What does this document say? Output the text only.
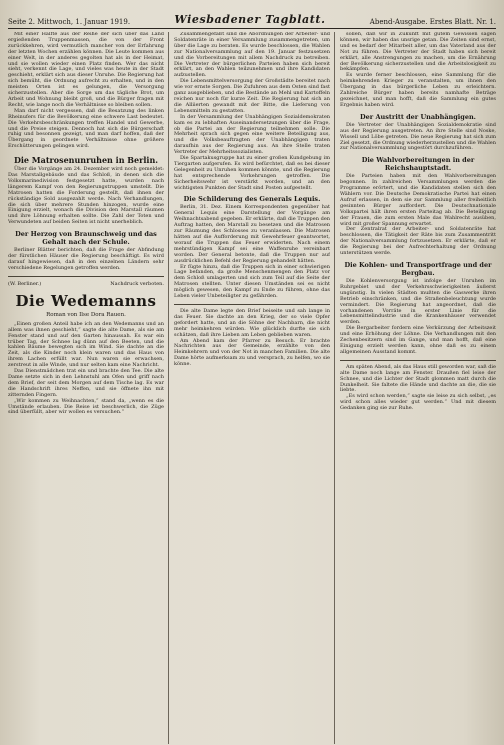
Seite 2. Mittwoch, 1. Januar 1919.	Wiesbadener Tagblatt.	Abend-Ausgabe. Erstes Blatt. Nr. 1.

Mit einer Hälfte aus der Reihe der sich über das Land ergießenden Truppenmassen, die von der Front zurückkehren, wird vermutlich mancher von der Erfahrung der letzten Wochen erzählen können. Die Leute kommen aus einer Welt, in der anderes gegolten hat als in der Heimat, und sie wollen wieder einen Platz finden. Wer das nicht sieht, verkennt die Lage, und vieles was heute in der Stadt geschieht, erklärt sich aus dieser Unruhe. Die Regierung hat sich bemüht, die Ordnung aufrecht zu erhalten, und in den meisten Orten ist es gelungen, die Versorgung sicherzustellen. Aber die Sorge um das tägliche Brot, um Arbeit und Wohnung bleibt groß, und die Bürger fragen mit Recht, wie lange noch die Verhältnisse so bleiben sollen.

Man darf nicht vergessen, daß die Besatzung des linken Rheinufers für die Bevölkerung eine schwere Last bedeutet. Die Verkehrsbeschränkungen treffen Handel und Gewerbe, und die Preise steigen. Dennoch hat sich die Bürgerschaft ruhig und besonnen gezeigt, und man darf hoffen, daß der Übergang in geordnete Verhältnisse ohne größere Erschütterungen gelingen wird.

Die Matrosenunruhen in Berlin.

Über die Vorgänge am 24. Dezember wird noch gemeldet: Das Marstallgebäude und das Schloß, in denen sich die Volksmarinedivision festgesetzt hatte, wurden nach längerem Kampf von den Regierungstruppen umstellt. Die Matrosen hatten die Forderung gestellt, daß ihnen der rückständige Sold ausgezahlt werde. Nach Verhandlungen, die sich über mehrere Stunden hinzogen, wurde eine Einigung erzielt, wonach die Division den Marstall räumen und ihre Löhnung erhalten sollte. Die Zahl der Toten und Verwundeten auf beiden Seiten ist nicht unerheblich.

Der Herzog von Braunschweig und das Gehalt nach der Schule.

Berliner Blätter berichten, daß die Frage der Abfindung der fürstlichen Häuser die Regierung beschäftigt. Es wird darauf hingewiesen, daß in den einzelnen Ländern sehr verschiedene Regelungen getroffen werden.

(W. Berliner.)	Nachdruck verboten.
Die Wedemanns
Roman von Ilse Dora Rauen.

„Einen großen Anteil habe ich an den Wedemanns und an allem was ihnen geschieht,“ sagte die alte Dame, als sie am Fenster stand und auf den Garten hinaussah. Es war ein trüber Tag, der Schnee lag dünn auf den Beeten, und die kahlen Bäume bewegten sich im Wind. Sie dachte an die Zeit, als die Kinder noch klein waren und das Haus von ihrem Lachen erfüllt war. Nun waren sie erwachsen, zerstreut in alle Winde, und nur selten kam eine Nachricht.

Das Dienstmädchen trat ein und brachte den Tee. Die alte Dame setzte sich in den Lehnstuhl am Ofen und griff nach dem Brief, der seit dem Morgen auf dem Tische lag. Es war die Handschrift ihres Neffen, und sie öffnete ihn mit zitternden Fingern.

„Wir kommen zu Weihnachten,“ stand da, „wenn es die Umstände erlauben. Die Reise ist beschwerlich, die Züge sind überfüllt, aber wir wollen es versuchen.“

Zusammengefaßt sind die Abordnungen der Arbeiter- und Soldatenräte in einer Versammlung zusammengetreten, um über die Lage zu beraten. Es wurde beschlossen, die Wahlen zur Nationalversammlung auf den 19. Januar festzusetzen und die Vorbereitungen mit allem Nachdruck zu betreiben. Die Vertreter der bürgerlichen Parteien haben sich bereit erklärt, an den Wahlen teilzunehmen und ihre Kandidaten aufzustellen.

Die Lebensmittelversorgung der Großstädte bereitet nach wie vor ernste Sorgen. Die Zufuhren aus dem Osten sind fast ganz ausgeblieben, und die Bestände an Mehl und Kartoffeln reichen nur noch für kurze Zeit. Die Regierung hat sich an die Alliierten gewandt mit der Bitte, die Lieferung von Lebensmitteln zu gestatten.

In der Versammlung der Unabhängigen Sozialdemokraten kam es zu lebhaften Auseinandersetzungen über die Frage, ob die Partei an der Regierung teilnehmen solle. Die Mehrheit sprach sich gegen eine weitere Beteiligung aus, und die Volksbeauftragten der Unabhängigen traten daraufhin aus der Regierung aus. An ihre Stelle traten Vertreter der Mehrheitssozialisten.

Die Spartakusgruppe hat zu einer großen Kundgebung im Tiergarten aufgerufen. Es wird befürchtet, daß es bei dieser Gelegenheit zu Unruhen kommen könnte, und die Regierung hat entsprechende Vorkehrungen getroffen. Die Sicherheitswehr ist verstärkt worden, und an den wichtigsten Punkten der Stadt sind Posten aufgestellt.

Die Schilderung des Generals Lequis.

Berlin, 31. Dez. Einem Korrespondenten gegenüber hat General Lequis eine Darstellung der Vorgänge am Weihnachtsabend gegeben. Er erklärte, daß die Truppen den Auftrag hatten, den Marstall zu besetzen und die Matrosen zur Räumung des Schlosses zu veranlassen. Die Matrosen hätten auf die Aufforderung mit Gewehrfeuer geantwortet, worauf die Truppen das Feuer erwiderten. Nach einem mehrstündigen Kampf sei eine Waffenruhe vereinbart worden. Der General betonte, daß die Truppen nur auf ausdrücklichen Befehl der Regierung gehandelt hätten.

Er fügte hinzu, daß die Truppen sich in einer schwierigen Lage befanden, da große Menschenmengen den Platz vor dem Schloß umlagerten und sich zum Teil auf die Seite der Matrosen stellten. Unter diesen Umständen sei es nicht möglich gewesen, den Kampf zu Ende zu führen, ohne das Leben vieler Unbeteiligter zu gefährden.

Die alte Dame legte den Brief beiseite und sah lange in das Feuer. Sie dachte an den Krieg, der so viele Opfer gefordert hatte, und an die Söhne der Nachbarn, die nicht mehr heimkehren würden. Wie glücklich durfte sie sich schätzen, daß ihre Lieben am Leben geblieben waren.

Am Abend kam der Pfarrer zu Besuch. Er brachte Nachrichten aus der Gemeinde, erzählte von den Heimkehrern und von der Not in manchen Familien. Die alte Dame hörte aufmerksam zu und versprach, zu helfen, wo sie könne.

sollen, daß wir in Zukunft mit gutem Gewissen sagen können, wir haben das unsrige getan. Die Zeiten sind ernst, und es bedarf der Mitarbeit aller, um das Vaterland aus der Not zu führen. Die Vertreter der Stadt haben sich bereit erklärt, alle Anstrengungen zu machen, um die Ernährung der Bevölkerung sicherzustellen und die Arbeitslosigkeit zu bekämpfen.

Es wurde ferner beschlossen, eine Sammlung für die heimkehrenden Krieger zu veranstalten, um ihnen den Übergang in das bürgerliche Leben zu erleichtern. Zahlreiche Bürger haben bereits namhafte Beträge gezeichnet, und man hofft, daß die Sammlung ein gutes Ergebnis haben wird.

Der Austritt der Unabhängigen.

Die Vertreter der Unabhängigen Sozialdemokratie sind aus der Regierung ausgetreten. An ihre Stelle sind Noske, Wissell und Löbe getreten. Die neue Regierung hat sich zum Ziel gesetzt, die Ordnung wiederherzustellen und die Wahlen zur Nationalversammlung ungestört durchzuführen.

Die Wahlvorbereitungen in der Reichshauptstadt.

Die Parteien haben mit den Wahlvorbereitungen begonnen. In zahlreichen Versammlungen werden die Programme erörtert, und die Kandidaten stellen sich den Wählern vor. Die Deutsche Demokratische Partei hat einen Aufruf erlassen, in dem sie zur Sammlung aller freiheitlich gesinnten Bürger auffordert. Die Deutschnationale Volkspartei hält ihren ersten Parteitag ab. Die Beteiligung der Frauen, die zum ersten Male das Wahlrecht ausüben, wird mit großer Spannung erwartet.

Der Zentralrat der Arbeiter- und Soldatenräte hat beschlossen, die Tätigkeit der Räte bis zum Zusammentritt der Nationalversammlung fortzusetzen. Er erklärte, daß er die Regierung bei der Aufrechterhaltung der Ordnung unterstützen werde.

Die Kohlen- und Transportfrage und der Bergbau.

Die Kohlenversorgung ist infolge der Unruhen im Ruhrgebiet und der Verkehrsschwierigkeiten äußerst ungünstig. In vielen Städten mußten die Gaswerke ihren Betrieb einschränken, und die Straßenbeleuchtung wurde vermindert. Die Regierung hat angeordnet, daß die vorhandenen Vorräte in erster Linie für die Lebensmittelindustrie und die Krankenhäuser verwendet werden.

Die Bergarbeiter fordern eine Verkürzung der Arbeitszeit und eine Erhöhung der Löhne. Die Verhandlungen mit den Zechenbesitzern sind im Gange, und man hofft, daß eine Einigung erzielt werden kann, ohne daß es zu einem allgemeinen Ausstand kommt.

Am späten Abend, als das Haus still geworden war, saß die alte Dame noch lange am Fenster. Draußen fiel leise der Schnee, und die Lichter der Stadt glommen matt durch die Dunkelheit. Sie faltete die Hände und dachte an die, die sie liebte.

„Es wird schon werden,“ sagte sie leise zu sich selbst, „es wird schon alles wieder gut werden.“ Und mit diesem Gedanken ging sie zur Ruhe.
